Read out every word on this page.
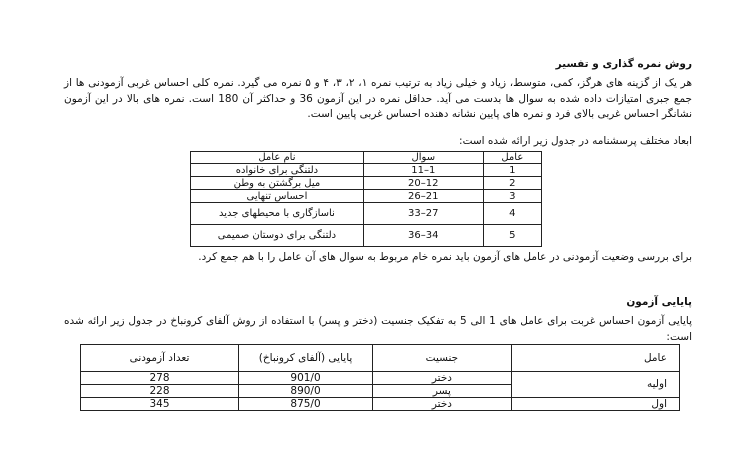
روش نمره گذاری و تفسیر

هر یک از گزینه های هرگز، کمی، متوسط، زیاد و خیلی زیاد به ترتیب نمره ۱، ۲، ۳، ۴ و ۵ نمره می گیرد. نمره کلی احساس غربی آزمودنی ها از جمع جبری امتیازات داده شده به سوال ها بدست می آید. حداقل نمره در این آزمون 36 و حداکثر آن 180 است. نمره های بالا در این آزمون نشانگر احساس غربی بالای فرد و نمره های پایین نشانه دهنده احساس غربی پایین است.

ابعاد مختلف پرسشنامه در جدول زیر ارائه شده است:

عامل	سوال	نام عامل
1	1–11	دلتنگی برای خانواده
2	12–20	میل برگشتن به وطن
3	21–26	احساس تنهایی
4	27–33	ناسازگاری با محیطهای جدید
5	34–36	دلتنگی برای دوستان صمیمی

برای بررسی وضعیت آزمودنی در عامل های آزمون باید نمره خام مربوط به سوال های آن عامل را با هم جمع کرد.

پایایی آزمون

پایایی آزمون احساس غربت برای عامل های 1 الی 5 به تفکیک جنسیت (دختر و پسر) با استفاده از روش آلفای کرونباخ در جدول زیر ارائه شده است:

عامل	جنسیت	پایایی (آلفای کرونباخ)	تعداد آزمودنی
اولیه	دختر	901/0	278
	پسر	890/0	228
اول	دختر	875/0	345
